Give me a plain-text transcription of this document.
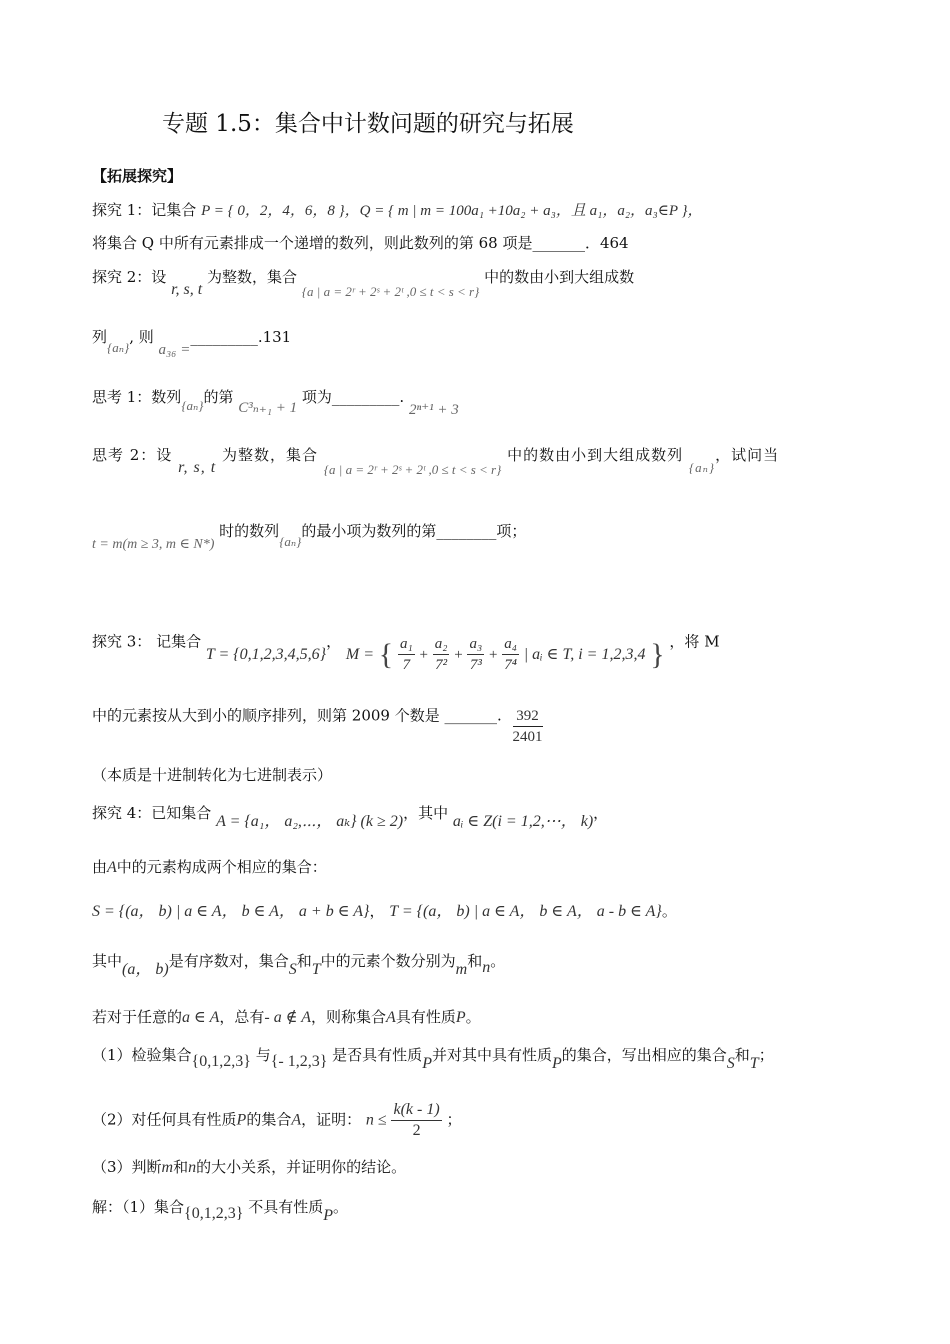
专题 1.5：集合中计数问题的研究与拓展
【拓展探究】
探究 1：记集合 P = { 0，2，4，6，8 }，Q = { m | m = 100a₁ +10a₂ + a₃，且 a₁，a₂，a₃∈P }，
将集合 Q 中所有元素排成一个递增的数列，则此数列的第 68 项是_______．464
探究 2：设 r, s, t 为整数，集合 {a | a = 2ʳ + 2ˢ + 2ᵗ ,0 ≤ t < s < r} 中的数由小到大组成数
列{aₙ}, 则 a₃₆ =_________.131
思考 1：数列{aₙ}的第 C³ₙ₊₁ + 1 项为_________. 2ⁿ⁺¹ + 3
思考 2：设 r, s, t 为整数，集合 {a | a = 2ʳ + 2ˢ + 2ᵗ ,0 ≤ t < s < r} 中的数由小到大组成数列 {aₙ}，试问当
t = m(m ≥ 3, m ∈ N*) 时的数列{aₙ}的最小项为数列的第________项；
探究 3： 记集合 T = {0,1,2,3,4,5,6}， M = { $\frac{\text{a₁}}{7} + \frac{\text{a₂}}{\text{7²}} + \frac{\text{a₃}}{\text{7³}} + \frac{\text{a₄}}{\text{7⁴}}$ | aᵢ ∈ T, i = 1,2,3,4 } ，将 M
中的元素按从大到小的顺序排列，则第 2009 个数是 _______. $\frac{392}{2401}$
（本质是十进制转化为七进制表示）
探究 4：已知集合 A = {a₁， a₂,⋯， aₖ} (k ≥ 2)，其中 aᵢ ∈ Z(i = 1,2,⋯， k)，
由A中的元素构成两个相应的集合：
S = {(a， b) | a ∈ A， b ∈ A， a + b ∈ A}， T = {(a， b) | a ∈ A， b ∈ A， a - b ∈ A}。
其中(a， b)是有序数对，集合S和T中的元素个数分别为m和n。
若对于任意的a ∈ A，总有- a ∉ A，则称集合A具有性质P。
（1）检验集合{0,1,2,3} 与{- 1,2,3} 是否具有性质P并对其中具有性质P的集合，写出相应的集合S和T；
（2）对任何具有性质P的集合A，证明： $n \le \frac{k(k - 1)}{2}$ ；
（3）判断m和n的大小关系，并证明你的结论。
解：（1）集合{0,1,2,3} 不具有性质P。
